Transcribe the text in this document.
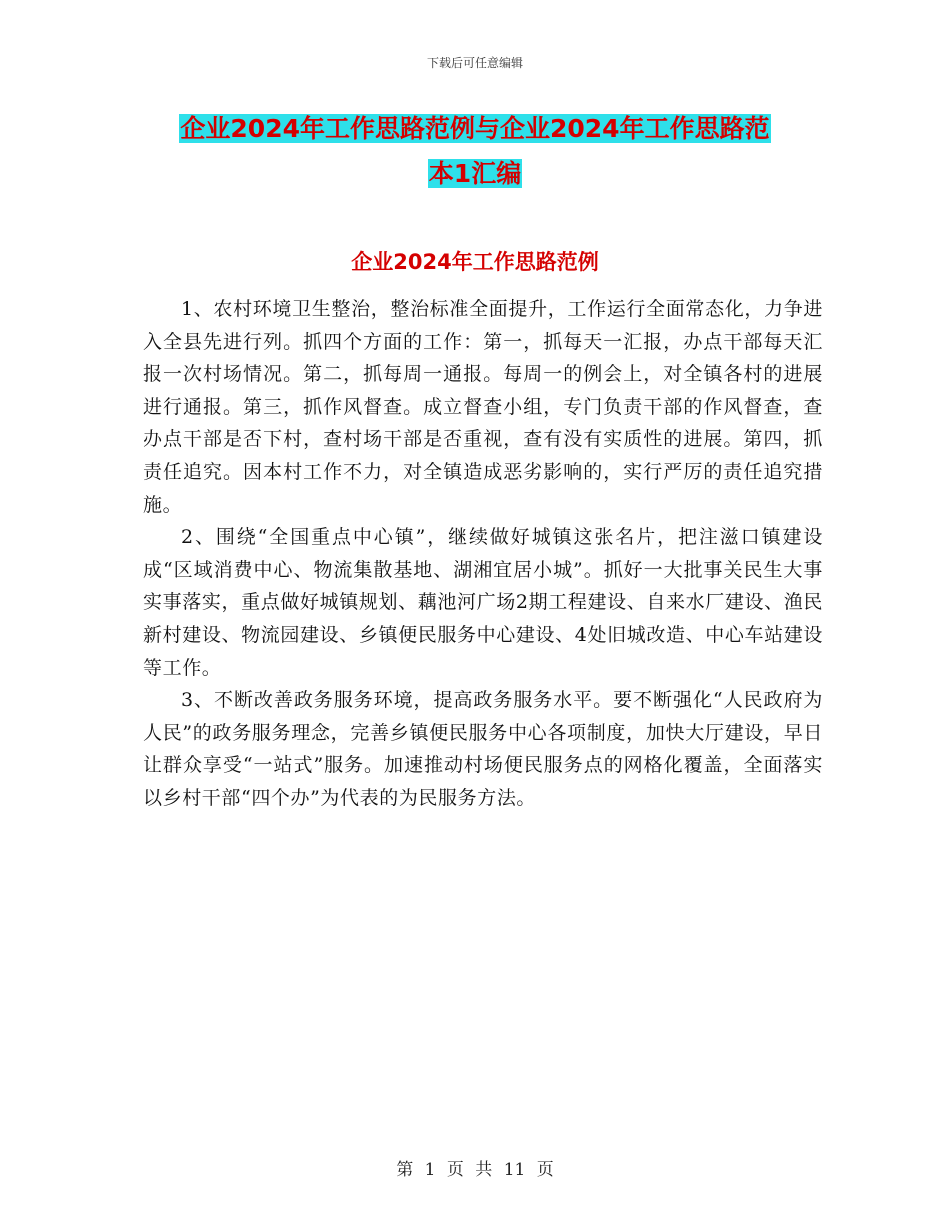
下载后可任意编辑
企业2024年工作思路范例与企业2024年工作思路范
本1汇编
企业2024年工作思路范例

1、农村环境卫生整治，整治标准全面提升，工作运行全面常态化，力争进入全县先进行列。抓四个方面的工作：第一，抓每天一汇报，办点干部每天汇报一次村场情况。第二，抓每周一通报。每周一的例会上，对全镇各村的进展进行通报。第三，抓作风督查。成立督查小组，专门负责干部的作风督查，查办点干部是否下村，查村场干部是否重视，查有没有实质性的进展。第四，抓责任追究。因本村工作不力，对全镇造成恶劣影响的，实行严厉的责任追究措施。

2、围绕“全国重点中心镇”，继续做好城镇这张名片，把注滋口镇建设成“区域消费中心、物流集散基地、湖湘宜居小城”。抓好一大批事关民生大事实事落实，重点做好城镇规划、藕池河广场2期工程建设、自来水厂建设、渔民新村建设、物流园建设、乡镇便民服务中心建设、4处旧城改造、中心车站建设等工作。

3、不断改善政务服务环境，提高政务服务水平。要不断强化“人民政府为人民”的政务服务理念，完善乡镇便民服务中心各项制度，加快大厅建设，早日让群众享受“一站式”服务。加速推动村场便民服务点的网格化覆盖，全面落实以乡村干部“四个办”为代表的为民服务方法。

第 1 页 共 11 页
